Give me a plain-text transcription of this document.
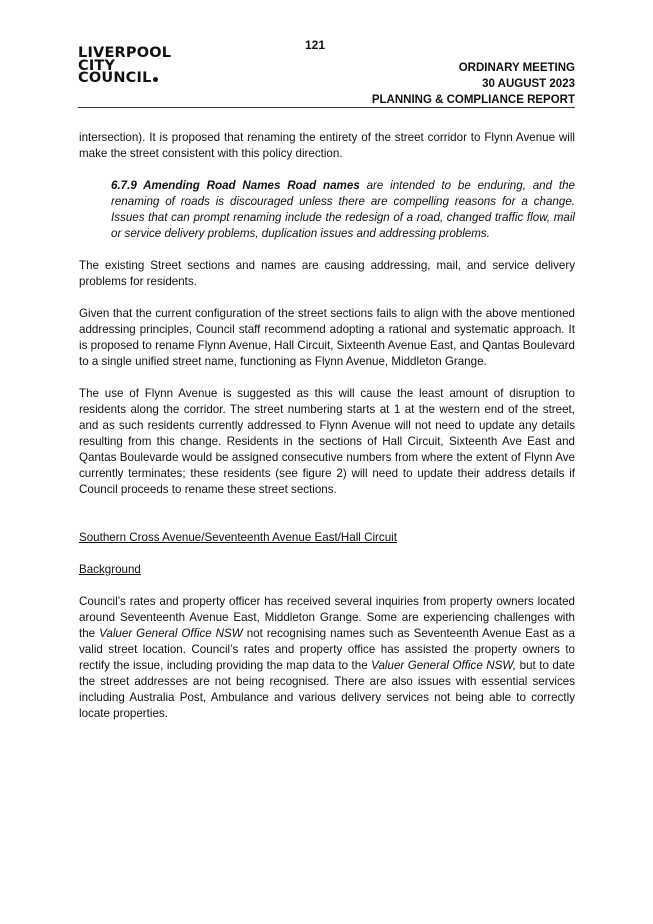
121
LIVERPOOL
CITY
COUNCIL
ORDINARY MEETING
30 AUGUST 2023
PLANNING & COMPLIANCE REPORT

intersection). It is proposed that renaming the entirety of the street corridor to Flynn Avenue will make the street consistent with this policy direction.

6.7.9 Amending Road Names Road names are intended to be enduring, and the renaming of roads is discouraged unless there are compelling reasons for a change. Issues that can prompt renaming include the redesign of a road, changed traffic flow, mail or service delivery problems, duplication issues and addressing problems.

The existing Street sections and names are causing addressing, mail, and service delivery problems for residents.

Given that the current configuration of the street sections fails to align with the above mentioned addressing principles, Council staff recommend adopting a rational and systematic approach. It is proposed to rename Flynn Avenue, Hall Circuit, Sixteenth Avenue East, and Qantas Boulevard to a single unified street name, functioning as Flynn Avenue, Middleton Grange.

The use of Flynn Avenue is suggested as this will cause the least amount of disruption to residents along the corridor. The street numbering starts at 1 at the western end of the street, and as such residents currently addressed to Flynn Avenue will not need to update any details resulting from this change. Residents in the sections of Hall Circuit, Sixteenth Ave East and Qantas Boulevarde would be assigned consecutive numbers from where the extent of Flynn Ave currently terminates; these residents (see figure 2) will need to update their address details if Council proceeds to rename these street sections.

Southern Cross Avenue/Seventeenth Avenue East/Hall Circuit

Background

Council’s rates and property officer has received several inquiries from property owners located around Seventeenth Avenue East, Middleton Grange. Some are experiencing challenges with the Valuer General Office NSW not recognising names such as Seventeenth Avenue East as a valid street location. Council’s rates and property office has assisted the property owners to rectify the issue, including providing the map data to the Valuer General Office NSW, but to date the street addresses are not being recognised. There are also issues with essential services including Australia Post, Ambulance and various delivery services not being able to correctly locate properties.
